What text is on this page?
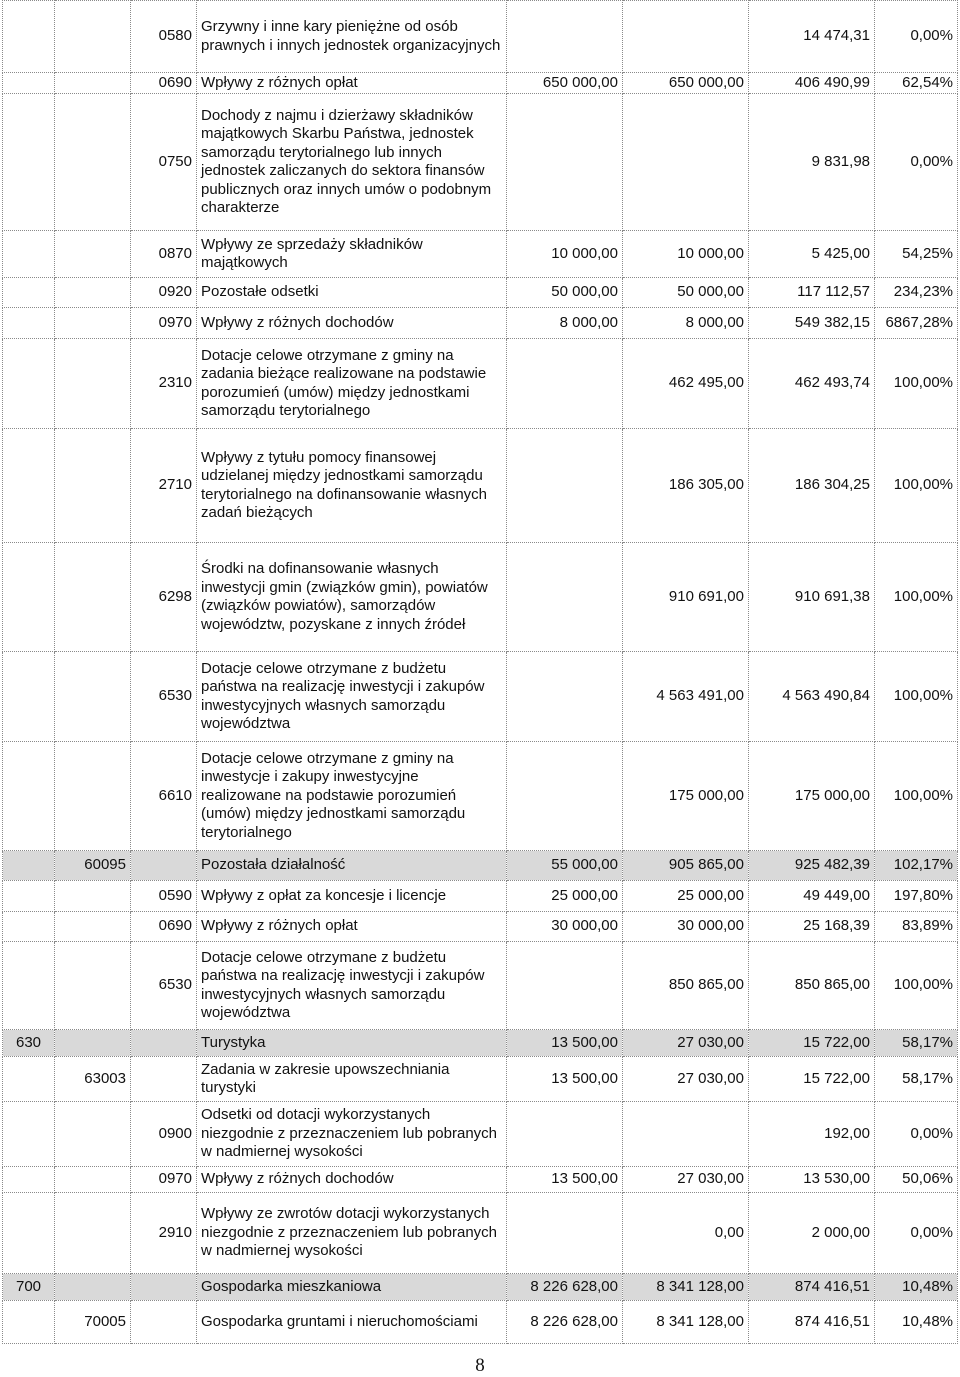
		0580	Grzywny i inne kary pieniężne od osób prawnych i innych jednostek organizacyjnych			14 474,31	0,00%
		0690	Wpływy z różnych opłat	650 000,00	650 000,00	406 490,99	62,54%
		0750	Dochody z najmu i dzierżawy składników majątkowych Skarbu Państwa, jednostek samorządu terytorialnego lub innych jednostek zaliczanych do sektora finansów publicznych oraz innych umów o podobnym charakterze			9 831,98	0,00%
		0870	Wpływy ze sprzedaży składników majątkowych	10 000,00	10 000,00	5 425,00	54,25%
		0920	Pozostałe odsetki	50 000,00	50 000,00	117 112,57	234,23%
		0970	Wpływy z różnych dochodów	8 000,00	8 000,00	549 382,15	6867,28%
		2310	Dotacje celowe otrzymane z gminy na zadania bieżące realizowane na podstawie porozumień (umów) między jednostkami samorządu terytorialnego		462 495,00	462 493,74	100,00%
		2710	Wpływy z tytułu pomocy finansowej udzielanej między jednostkami samorządu terytorialnego na dofinansowanie własnych zadań bieżących		186 305,00	186 304,25	100,00%
		6298	Środki na dofinansowanie własnych inwestycji gmin (związków gmin), powiatów (związków powiatów), samorządów województw, pozyskane z innych źródeł		910 691,00	910 691,38	100,00%
		6530	Dotacje celowe otrzymane z budżetu państwa na realizację inwestycji i zakupów inwestycyjnych własnych samorządu województwa		4 563 491,00	4 563 490,84	100,00%
		6610	Dotacje celowe otrzymane z gminy na inwestycje i zakupy inwestycyjne realizowane na podstawie porozumień (umów) między jednostkami samorządu terytorialnego		175 000,00	175 000,00	100,00%
	60095		Pozostała działalność	55 000,00	905 865,00	925 482,39	102,17%
		0590	Wpływy z opłat za koncesje i licencje	25 000,00	25 000,00	49 449,00	197,80%
		0690	Wpływy z różnych opłat	30 000,00	30 000,00	25 168,39	83,89%
		6530	Dotacje celowe otrzymane z budżetu państwa na realizację inwestycji i zakupów inwestycyjnych własnych samorządu województwa		850 865,00	850 865,00	100,00%
630			Turystyka	13 500,00	27 030,00	15 722,00	58,17%
	63003		Zadania w zakresie upowszechniania turystyki	13 500,00	27 030,00	15 722,00	58,17%
		0900	Odsetki od dotacji wykorzystanych niezgodnie z przeznaczeniem lub pobranych w nadmiernej wysokości			192,00	0,00%
		0970	Wpływy z różnych dochodów	13 500,00	27 030,00	13 530,00	50,06%
		2910	Wpływy ze zwrotów dotacji wykorzystanych niezgodnie z przeznaczeniem lub pobranych w nadmiernej wysokości		0,00	2 000,00	0,00%
700			Gospodarka mieszkaniowa	8 226 628,00	8 341 128,00	874 416,51	10,48%
	70005		Gospodarka gruntami i nieruchomościami	8 226 628,00	8 341 128,00	874 416,51	10,48%
8
